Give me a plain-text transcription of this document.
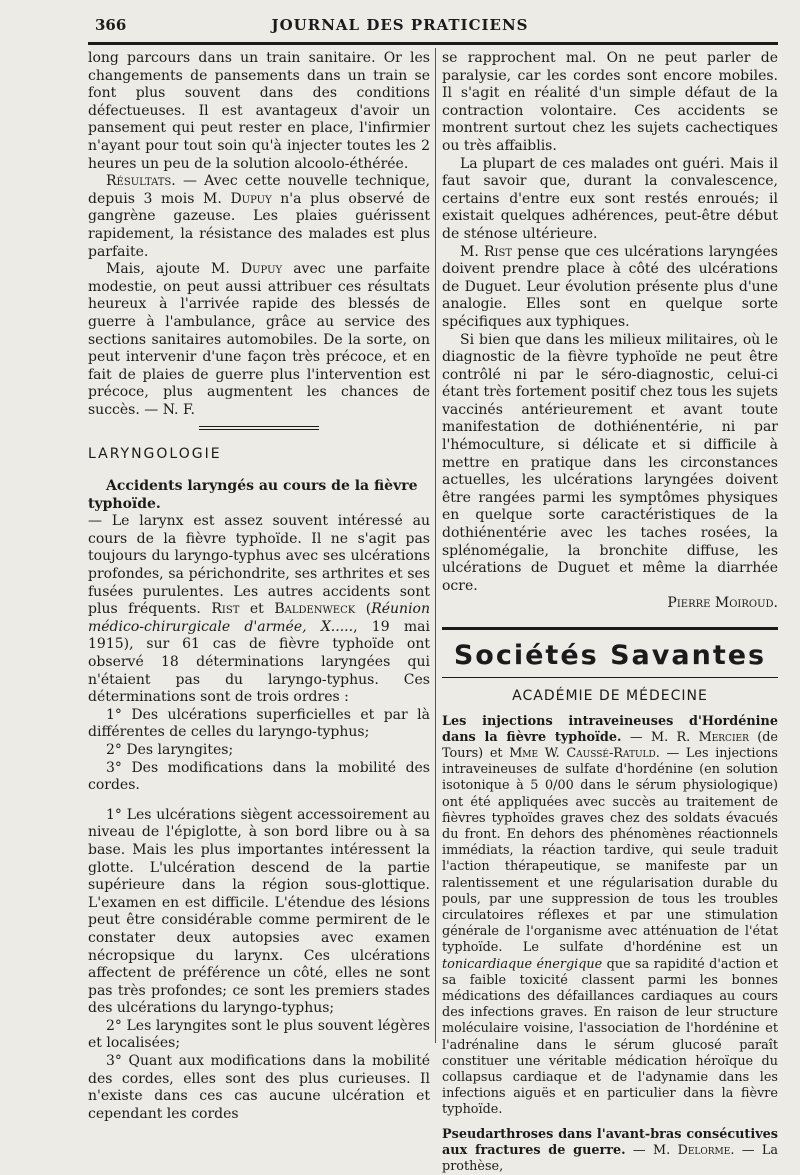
366	JOURNAL DES PRATICIENS

long parcours dans un train sanitaire. Or les changements de pansements dans un train se font plus souvent dans des conditions défectueuses. Il est avantageux d'avoir un pansement qui peut rester en place, l'infirmier n'ayant pour tout soin qu'à injecter toutes les 2 heures un peu de la solution alcoolo-éthérée.

Résultats. — Avec cette nouvelle technique, depuis 3 mois M. Dupuy n'a plus observé de gangrène gazeuse. Les plaies guérissent rapidement, la résistance des malades est plus parfaite.

Mais, ajoute M. Dupuy avec une parfaite modestie, on peut aussi attribuer ces résultats heureux à l'arrivée rapide des blessés de guerre à l'ambulance, grâce au service des sections sanitaires automobiles. De la sorte, on peut intervenir d'une façon très précoce, et en fait de plaies de guerre plus l'intervention est précoce, plus augmentent les chances de succès. — N. F.

LARYNGOLOGIE

Accidents laryngés au cours de la fièvre typhoïde.

— Le larynx est assez souvent intéressé au cours de la fièvre typhoïde. Il ne s'agit pas toujours du laryngo-typhus avec ses ulcérations profondes, sa périchondrite, ses arthrites et ses fusées purulentes. Les autres accidents sont plus fréquents. Rist et Baldenweck (Réunion médico-chirurgicale d'armée, X....., 19 mai 1915), sur 61 cas de fièvre typhoïde ont observé 18 déterminations laryngées qui n'étaient pas du laryngo-typhus. Ces déterminations sont de trois ordres :

1° Des ulcérations superficielles et par là différentes de celles du laryngo-typhus;

2° Des laryngites;

3° Des modifications dans la mobilité des cordes.

1° Les ulcérations siègent accessoirement au niveau de l'épiglotte, à son bord libre ou à sa base. Mais les plus importantes intéressent la glotte. L'ulcération descend de la partie supérieure dans la région sous-glottique. L'examen en est difficile. L'étendue des lésions peut être considérable comme permirent de le constater deux autopsies avec examen nécropsique du larynx. Ces ulcérations affectent de préférence un côté, elles ne sont pas très profondes; ce sont les premiers stades des ulcérations du laryngo-typhus;

2° Les laryngites sont le plus souvent légères et localisées;

3° Quant aux modifications dans la mobilité des cordes, elles sont des plus curieuses. Il n'existe dans ces cas aucune ulcération et cependant les cordes

se rapprochent mal. On ne peut parler de paralysie, car les cordes sont encore mobiles. Il s'agit en réalité d'un simple défaut de la contraction volontaire. Ces accidents se montrent surtout chez les sujets cachectiques ou très affaiblis.

La plupart de ces malades ont guéri. Mais il faut savoir que, durant la convalescence, certains d'entre eux sont restés enroués; il existait quelques adhérences, peut-être début de sténose ultérieure.

M. Rist pense que ces ulcérations laryngées doivent prendre place à côté des ulcérations de Duguet. Leur évolution présente plus d'une analogie. Elles sont en quelque sorte spécifiques aux typhiques.

Si bien que dans les milieux militaires, où le diagnostic de la fièvre typhoïde ne peut être contrôlé ni par le séro-diagnostic, celui-ci étant très fortement positif chez tous les sujets vaccinés antérieurement et avant toute manifestation de dothiénentérie, ni par l'hémoculture, si délicate et si difficile à mettre en pratique dans les circonstances actuelles, les ulcérations laryngées doivent être rangées parmi les symptômes physiques en quelque sorte caractéristiques de la dothiénentérie avec les taches rosées, la splénomégalie, la bronchite diffuse, les ulcérations de Duguet et même la diarrhée ocre.

Pierre Moiroud.

Sociétés Savantes

ACADÉMIE DE MÉDECINE

Les injections intraveineuses d'Hordénine dans la fièvre typhoïde. — M. R. Mercier (de Tours) et Mme W. Caussé-Ratuld. — Les injections intraveineuses de sulfate d'hordénine (en solution isotonique à 5 0/00 dans le sérum physiologique) ont été appliquées avec succès au traitement de fièvres typhoïdes graves chez des soldats évacués du front. En dehors des phénomènes réactionnels immédiats, la réaction tardive, qui seule traduit l'action thérapeutique, se manifeste par un ralentissement et une régularisation durable du pouls, par une suppression de tous les troubles circulatoires réflexes et par une stimulation générale de l'organisme avec atténuation de l'état typhoïde. Le sulfate d'hordénine est un tonicardiaque énergique que sa rapidité d'action et sa faible toxicité classent parmi les bonnes médications des défaillances cardiaques au cours des infections graves. En raison de leur structure moléculaire voisine, l'association de l'hordénine et l'adrénaline dans le sérum glucosé paraît constituer une véritable médication héroïque du collapsus cardiaque et de l'adynamie dans les infections aiguës et en particulier dans la fièvre typhoïde.

Pseudarthroses dans l'avant-bras consécutives aux fractures de guerre. — M. Delorme. — La prothèse,
